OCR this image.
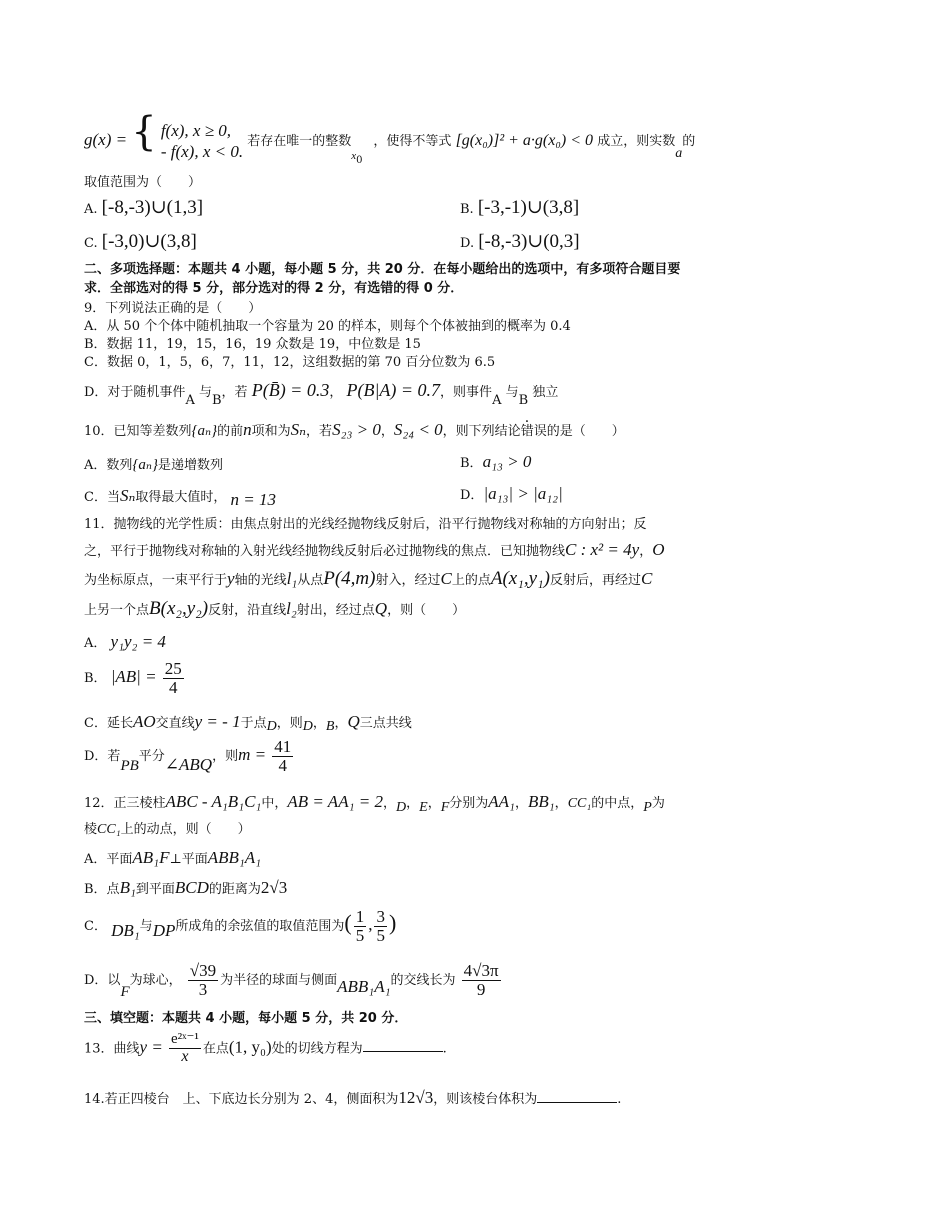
g(x) = { f(x), x ≥ 0,
- f(x), x < 0. 若存在唯一的整数x0 ，使得不等式 [g(x₀)]² + a·g(x₀) < 0 成立，则实数a的
取值范围为（　　）
A. [-8,-3)∪(1,3]	B. [-3,-1)∪(3,8]
C. [-3,0)∪(3,8]	D. [-8,-3)∪(0,3]
二、多项选择题：本题共 4 小题，每小题 5 分，共 20 分．在每小题给出的选项中，有多项符合题目要
求．全部选对的得 5 分，部分选对的得 2 分，有选错的得 0 分．
9．下列说法正确的是（　　）
A．从 50 个个体中随机抽取一个容量为 20 的样本，则每个个体被抽到的概率为 0.4
B．数据 11，19，15，16，19 众数是 19，中位数是 15
C．数据 0，1，5，6，7，11，12，这组数据的第 70 百分位数为 6.5
D．对于随机事件A 与B，若 P(B̄) = 0.3， P(B|A) = 0.7，则事件A 与B 独立
10．已知等差数列{aₙ}的前n项和为Sₙ，若S₂₃ > 0，S₂₄ < 0，则下列结论错误的是（　　）
A．数列{aₙ}是递增数列	B．a₁₃ > 0
C．当Sₙ取得最大值时， n = 13	D．|a₁₃| > |a₁₂|
11．抛物线的光学性质：由焦点射出的光线经抛物线反射后，沿平行抛物线对称轴的方向射出；反
之，平行于抛物线对称轴的入射光线经抛物线反射后必过抛物线的焦点．已知抛物线C : x² = 4y，O
为坐标原点，一束平行于y轴的光线l₁从点P(4,m)射入，经过C上的点A(x₁,y₁)反射后，再经过C
上另一个点B(x₂,y₂)反射，沿直线l₂射出，经过点Q，则（　　）
A． y₁y₂ = 4
B． $|AB| = \frac{25}{4}$
C．延长AO交直线y = - 1于点D，则D，B，Q三点共线
D．若PB平分∠ABQ，则$m = \frac{41}{4}$
12．正三棱柱ABC - A₁B₁C₁中，AB = AA₁ = 2，D，E，F分别为AA₁，BB₁，CC₁的中点，P为
棱CC₁上的动点，则（　　）
A．平面AB₁F⊥平面ABB₁A₁
B．点B₁到平面BCD的距离为2√3
C． DB₁与DP所成角的余弦值的取值范围为( $\frac{1}{5}$ , $\frac{3}{5}$ )
D．以F为球心， $\frac{√39}{3}$ 为半径的球面与侧面ABB₁A₁的交线长为 $\frac{4√3\pi}{9}$
三、填空题：本题共 4 小题，每小题 5 分，共 20 分．
13．曲线$y = \frac{\text{e²ˣ⁻¹}}{x}$ 在点(1, y₀)处的切线方程为	.
14.若正四棱台　上、下底边长分别为 2、4，侧面积为12√3，则该棱台体积为	.
